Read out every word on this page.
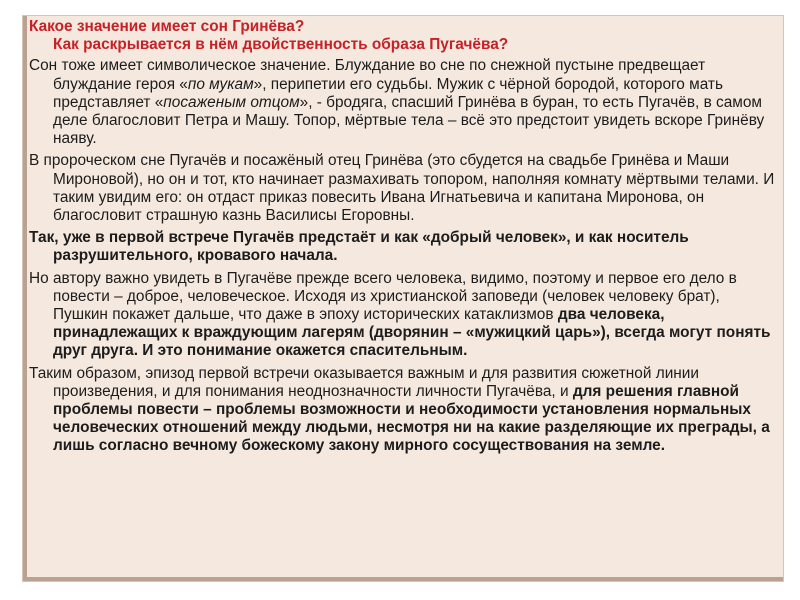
Какое значение имеет сон Гринёва?
Как раскрывается в нём двойственность образа Пугачёва?

Сон тоже имеет символическое значение. Блуждание во сне по снежной пустыне предвещает блуждание героя «по мукам», перипетии его судьбы. Мужик с чёрной бородой, которого мать представляет «посаженым отцом», - бродяга, спасший Гринёва в буран, то есть Пугачёв, в самом деле благословит Петра и Машу. Топор, мёртвые тела – всё это предстоит увидеть вскоре Гринёву наяву.

В пророческом сне Пугачёв и посажёный отец Гринёва (это сбудется на свадьбе Гринёва и Маши Мироновой), но он и тот, кто начинает размахивать топором, наполняя комнату мёртвыми телами. И таким увидим его: он отдаст приказ повесить Ивана Игнатьевича и капитана Миронова, он благословит страшную казнь Василисы Егоровны.

Так, уже в первой встрече Пугачёв предстаёт и как «добрый человек», и как носитель разрушительного, кровавого начала.

Но автору важно увидеть в Пугачёве прежде всего человека, видимо, поэтому и первое его дело в повести – доброе, человеческое. Исходя из христианской заповеди (человек человеку брат), Пушкин покажет дальше, что даже в эпоху исторических катаклизмов два человека, принадлежащих к враждующим лагерям (дворянин – «мужицкий царь»), всегда могут понять друг друга. И это понимание окажется спасительным.

Таким образом, эпизод первой встречи оказывается важным и для развития сюжетной линии произведения, и для понимания неоднозначности личности Пугачёва, и для решения главной проблемы повести – проблемы возможности и необходимости установления нормальных человеческих отношений между людьми, несмотря ни на какие разделяющие их преграды, а лишь согласно вечному божескому закону мирного сосуществования на земле.
